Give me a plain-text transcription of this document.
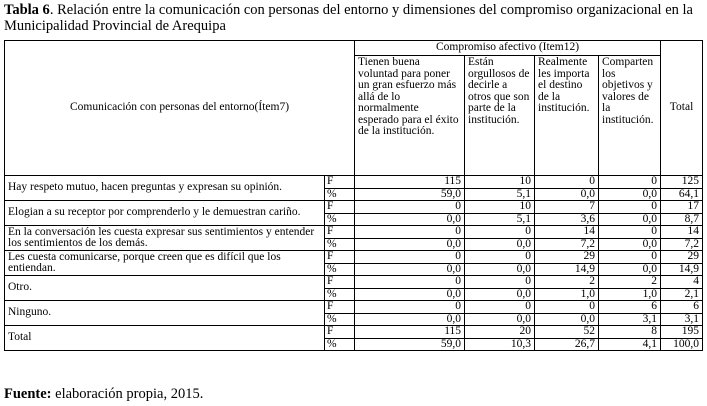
Tabla 6. Relación entre la comunicación con personas del entorno y dimensiones del compromiso organizacional en la Municipalidad Provincial de Arequipa
Comunicación con personas del entorno(Ítem7)		Compromiso afectivo (Item12)				Total
		Tienen buena voluntad para poner un gran esfuerzo más allá de lo normalmente esperado para el éxito de la institución.	Están orgullosos de decirle a otros que son parte de la institución.	Realmente les importa el destino de la institución.	Comparten los objetivos y valores de la institución.	
Hay respeto mutuo, hacen preguntas y expresan su opinión.	F	115	10	0	0	125
	%	59,0	5,1	0,0	0,0	64,1
Elogian a su receptor por comprenderlo y le demuestran cariño.	F	0	10	7	0	17
	%	0,0	5,1	3,6	0,0	8,7
En la conversación les cuesta expresar sus sentimientos y entender los sentimientos de los demás.	F	0	0	14	0	14
	%	0,0	0,0	7,2	0,0	7,2
Les cuesta comunicarse, porque creen que es difícil que los entiendan.	F	0	0	29	0	29
	%	0,0	0,0	14,9	0,0	14,9
Otro.	F	0	0	2	2	4
	%	0,0	0,0	1,0	1,0	2,1
Ninguno.	F	0	0	0	6	6
	%	0,0	0,0	0,0	3,1	3,1
Total	F	115	20	52	8	195
	%	59,0	10,3	26,7	4,1	100,0
Fuente: elaboración propia, 2015.
